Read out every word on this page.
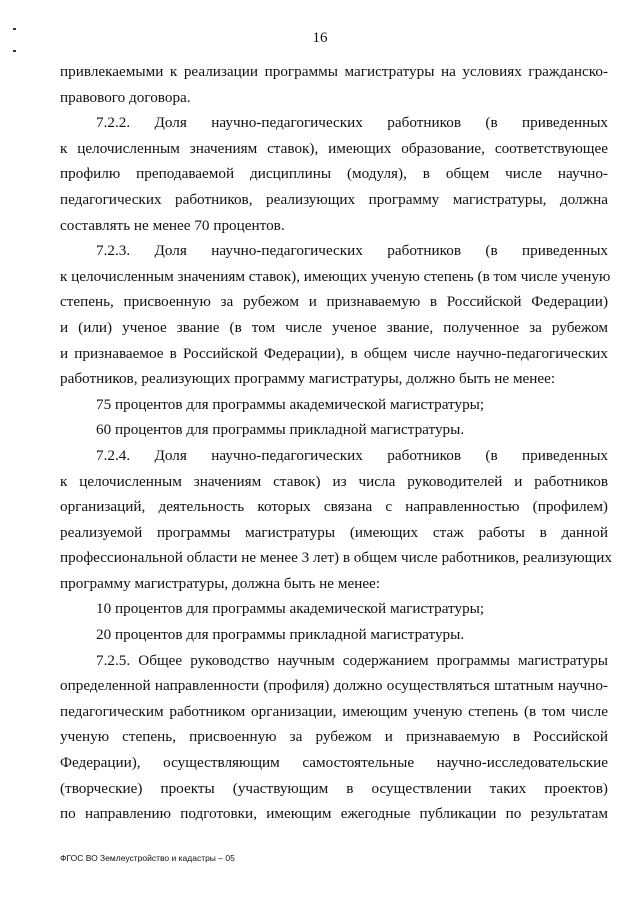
16
привлекаемыми к реализации программы магистратуры на условиях гражданско-
правового договора.
7.2.2. Доля научно-педагогических работников (в приведенных
к целочисленным значениям ставок), имеющих образование, соответствующее
профилю преподаваемой дисциплины (модуля), в общем числе научно-
педагогических работников, реализующих программу магистратуры, должна
составлять не менее 70 процентов.
7.2.3. Доля научно-педагогических работников (в приведенных
к целочисленным значениям ставок), имеющих ученую степень (в том числе ученую
степень, присвоенную за рубежом и признаваемую в Российской Федерации)
и (или) ученое звание (в том числе ученое звание, полученное за рубежом
и признаваемое в Российской Федерации), в общем числе научно-педагогических
работников, реализующих программу магистратуры, должно быть не менее:
75 процентов для программы академической магистратуры;
60 процентов для программы прикладной магистратуры.
7.2.4. Доля научно-педагогических работников (в приведенных
к целочисленным значениям ставок) из числа руководителей и работников
организаций, деятельность которых связана с направленностью (профилем)
реализуемой программы магистратуры (имеющих стаж работы в данной
профессиональной области не менее 3 лет) в общем числе работников, реализующих
программу магистратуры, должна быть не менее:
10 процентов для программы академической магистратуры;
20 процентов для программы прикладной магистратуры.
7.2.5. Общее руководство научным содержанием программы магистратуры
определенной направленности (профиля) должно осуществляться штатным научно-
педагогическим работником организации, имеющим ученую степень (в том числе
ученую степень, присвоенную за рубежом и признаваемую в Российской
Федерации), осуществляющим самостоятельные научно-исследовательские
(творческие) проекты (участвующим в осуществлении таких проектов)
по направлению подготовки, имеющим ежегодные публикации по результатам
ФГОС ВО Землеустройство и кадастры – 05
